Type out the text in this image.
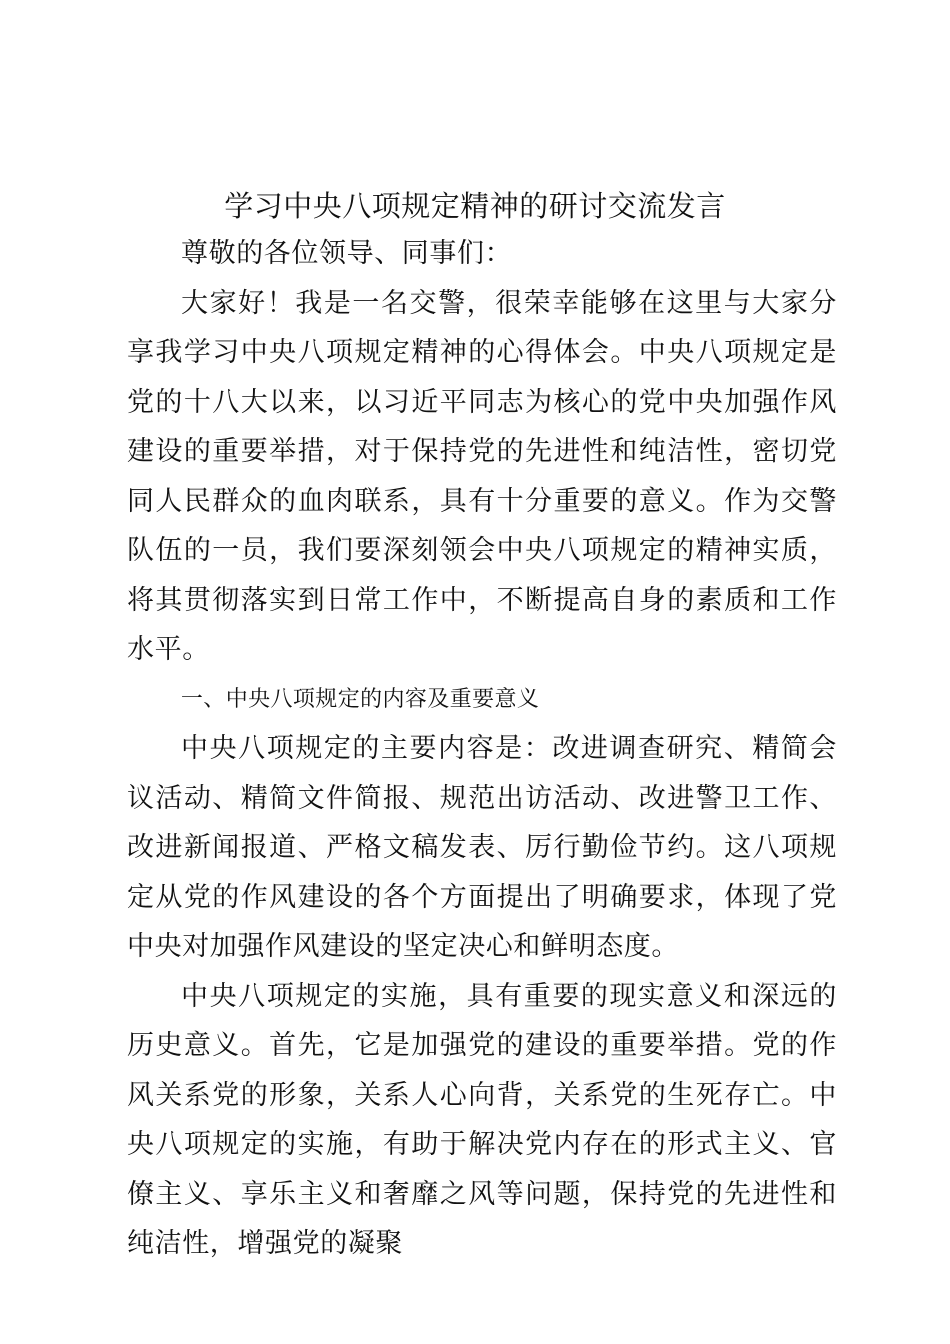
学习中央八项规定精神的研讨交流发言

尊敬的各位领导、同事们：

大家好！我是一名交警，很荣幸能够在这里与大家分享我学习中央八项规定精神的心得体会。中央八项规定是党的十八大以来，以习近平同志为核心的党中央加强作风建设的重要举措，对于保持党的先进性和纯洁性，密切党同人民群众的血肉联系，具有十分重要的意义。作为交警队伍的一员，我们要深刻领会中央八项规定的精神实质，将其贯彻落实到日常工作中，不断提高自身的素质和工作水平。

一、中央八项规定的内容及重要意义

中央八项规定的主要内容是：改进调查研究、精简会议活动、精简文件简报、规范出访活动、改进警卫工作、改进新闻报道、严格文稿发表、厉行勤俭节约。这八项规定从党的作风建设的各个方面提出了明确要求，体现了党中央对加强作风建设的坚定决心和鲜明态度。

中央八项规定的实施，具有重要的现实意义和深远的历史意义。首先，它是加强党的建设的重要举措。党的作风关系党的形象，关系人心向背，关系党的生死存亡。中央八项规定的实施，有助于解决党内存在的形式主义、官僚主义、享乐主义和奢靡之风等问题，保持党的先进性和纯洁性，增强党的凝聚
